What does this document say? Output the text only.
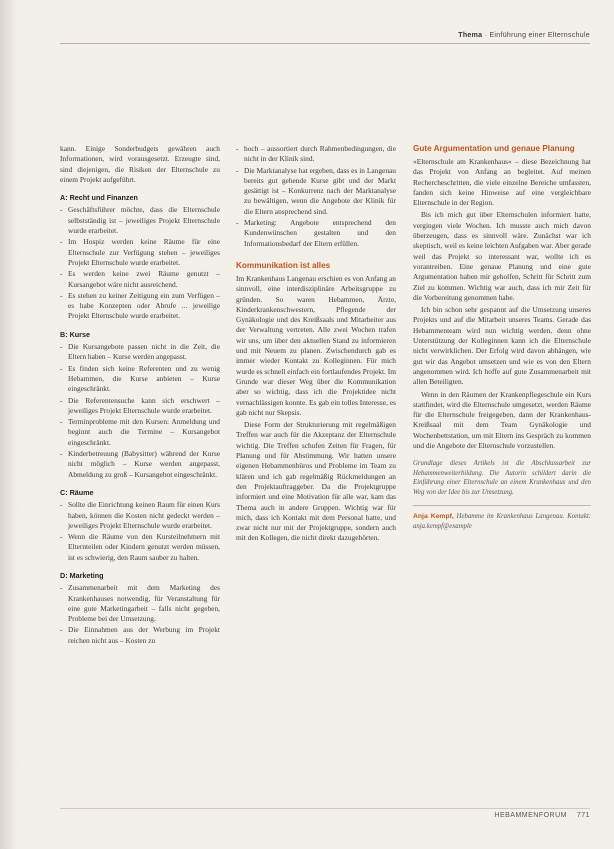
Thema · Einführung einer Elternschule

kann. Einige Sonderbudgets gewähren auch Informationen, wird vorausgesetzt. Erzeugte sind, sind diejenigen, die Risiken der Elternschule zu einem Projekt aufgeführt.

A: Recht und Finanzen
- Geschäftsführer möchte, dass die Elternschule selbstständig ist – jeweiliges Projekt Elternschule wurde erarbeitet.
- Im Hospiz werden keine Räume für eine Elternschule zur Verfügung stehen – jeweiliges Projekt Elternschule wurde erarbeitet.
- Es werden keine zwei Räume genutzt – Kursangebot wäre nicht ausreichend.
- Es stehen zu keiner Zeitigung ein zum Verfügen – es habe Konzepten oder Abrufe ... jeweilige Projekt Elternschule wurde erarbeitet.
B: Kurse
- Die Kursangebote passen nicht in die Zeit, die Eltern haben – Kurse werden angepasst.
- Es finden sich keine Referenten und zu wenig Hebammen, die Kurse anbieten – Kurse eingeschränkt.
- Die Referentensuche kann sich erschwert – jeweiliges Projekt Elternschule wurde erarbeitet.
- Terminprobleme mit den Kursen: Anmeldung und beginnt auch die Termine – Kursangebot eingeschränkt.
- Kinderbetreuung (Babysitter) während der Kurse nicht möglich – Kurse werden angepasst, Abmeldung zu groß – Kursangebot eingeschränkt.
C: Räume
- Sollte die Einrichtung keinen Raum für einen Kurs haben, können die Kosten nicht gedeckt werden – jeweiliges Projekt Elternschule wurde erarbeitet.
- Wenn die Räume von den Kursteilnehmern mit Elternteilen oder Kindern genutzt werden müssen, ist es schwierig, den Raum sauber zu halten.
D: Marketing
- Zusammenarbeit mit dem Marketing des Krankenhauses notwendig, für Veranstaltung für eine gute Marketingarbeit – falls nicht gegeben, Probleme bei der Umsetzung.
- Die Einnahmen aus der Werbung im Projekt reichen nicht aus – Kosten zu
- hoch – aussortiert durch Rahmenbedingungen, die nicht in der Klinik sind.
- Die Marktanalyse hat ergeben, dass es in Langenau bereits gut gehende Kurse gibt und der Markt gesättigt ist – Konkurrenz nach der Marktanalyse zu bewältigen, wenn die Angebote der Klinik für die Eltern ansprechend sind.
- Marketing: Angebote entsprechend den Kundenwünschen gestalten und den Informationsbedarf der Eltern erfüllen.
Kommunikation ist alles

Im Krankenhaus Langenau erschien es von Anfang an sinnvoll, eine interdisziplinäre Arbeitsgruppe zu gründen. So waren Hebammen, Ärzte, Kinderkrankenschwestern, Pflegende der Gynäkologie und des Kreißsaals und Mitarbeiter aus der Verwaltung vertreten. Alle zwei Wochen trafen wir uns, um über den aktuellen Stand zu informieren und mit Neuem zu planen. Zwischendurch gab es immer wieder Kontakt zu Kolleginnen. Für mich wurde es schnell einfach ein fortlaufendes Projekt. Im Grunde war dieser Weg über die Kommunikation aber so wichtig, dass ich die Projektidee nicht vernachlässigen konnte. Es gab ein tolles Interesse, es gab nicht nur Skepsis.

Diese Form der Strukturierung mit regelmäßigen Treffen war auch für die Akzeptanz der Elternschule wichtig. Die Treffen schufen Zeiten für Fragen, für Planung und für Abstimmung. Wir hatten unsere eigenen Hebammenbüros und Probleme im Team zu klären und ich gab regelmäßig Rückmeldungen an den Projektauftraggeber. Da die Projektgruppe informiert und eine Motivation für alle war, kam das Thema auch in andere Gruppen. Wichtig war für mich, dass ich Kontakt mit dem Personal hatte, und zwar nicht nur mit der Projektgruppe, sondern auch mit den Kollegen, die nicht direkt dazugehörten.

Gute Argumentation und genaue Planung

»Elternschule am Krankenhaus« – diese Bezeichnung hat das Projekt von Anfang an begleitet. Auf meinen Rechercheschritten, die viele einzelne Bereiche umfassten, fanden sich keine Hinweise auf eine vergleichbare Elternschule in der Region.

Bis ich mich gut über Elternschulen informiert hatte, vergingen viele Wochen. Ich musste auch mich davon überzeugen, dass es sinnvoll wäre. Zunächst war ich skeptisch, weil es keine leichten Aufgaben war. Aber gerade weil das Projekt so interessant war, wollte ich es vorantreiben. Eine genaue Planung und eine gute Argumentation haben mir geholfen, Schritt für Schritt zum Ziel zu kommen. Wichtig war auch, dass ich mir Zeit für die Vorbereitung genommen habe.

Ich bin schon sehr gespannt auf die Umsetzung unseres Projekts und auf die Mitarbeit unseres Teams. Gerade das Hebammenteam wird nun wichtig werden, denn ohne Unterstützung der Kolleginnen kann ich die Elternschule nicht verwirklichen. Der Erfolg wird davon abhängen, wie gut wir das Angebot umsetzen und wie es von den Eltern angenommen wird. Ich hoffe auf gute Zusammenarbeit mit allen Beteiligten.

Wenn in den Räumen der Krankenpflegeschule ein Kurs stattfindet, wird die Elternschule umgesetzt, werden Räume für die Elternschule freigegeben, dann der Krankenhaus-Kreißsaal mit dem Team Gynäkologie und Wochenbettstation, um mit Eltern ins Gespräch zu kommen und die Angebote der Elternschule vorzustellen.

Grundlage dieses Artikels ist die Abschlussarbeit zur Hebammenweiterbildung. Die Autorin schildert darin die Einführung einer Elternschule an einem Krankenhaus und den Weg von der Idee bis zur Umsetzung.
Anja Kempf, Hebamme im Krankenhaus Langenau. Kontakt: anja.kempf@example
HEBAMMENFORUM 771
